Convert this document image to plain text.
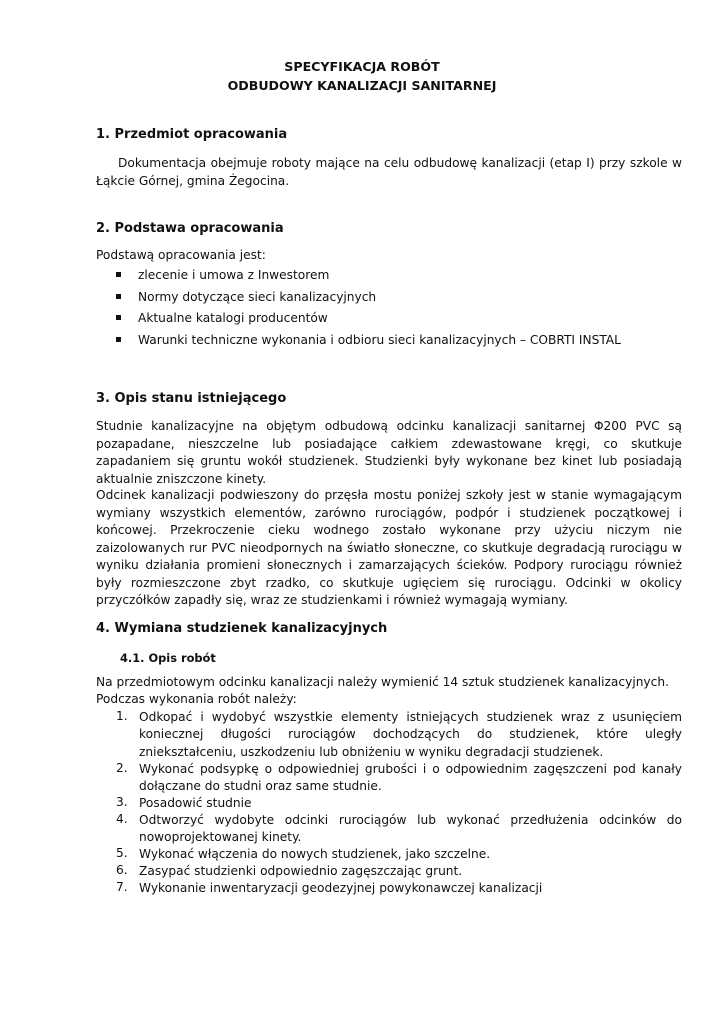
SPECYFIKACJA ROBÓT
ODBUDOWY KANALIZACJI SANITARNEJ
1. Przedmiot opracowania
Dokumentacja obejmuje roboty mające na celu odbudowę kanalizacji (etap I) przy szkole w Łąkcie Górnej, gmina Żegocina.
2. Podstawa opracowania
Podstawą opracowania jest:
zlecenie i umowa z Inwestorem
Normy dotyczące sieci kanalizacyjnych
Aktualne katalogi producentów
Warunki techniczne wykonania i odbioru sieci kanalizacyjnych – COBRTI INSTAL
3. Opis stanu istniejącego
Studnie kanalizacyjne na objętym odbudową odcinku kanalizacji sanitarnej Φ200 PVC są pozapadane, nieszczelne lub posiadające całkiem zdewastowane kręgi, co skutkuje zapadaniem się gruntu wokół studzienek. Studzienki były wykonane bez kinet lub posiadają aktualnie zniszczone kinety.
Odcinek kanalizacji podwieszony do przęsła mostu poniżej szkoły jest w stanie wymagającym wymiany wszystkich elementów, zarówno rurociągów, podpór i studzienek początkowej i końcowej. Przekroczenie cieku wodnego zostało wykonane przy użyciu niczym nie zaizolowanych rur PVC nieodpornych na światło słoneczne, co skutkuje degradacją rurociągu w wyniku działania promieni słonecznych i zamarzających ścieków. Podpory rurociągu również były rozmieszczone zbyt rzadko, co skutkuje ugięciem się rurociągu. Odcinki w okolicy przyczółków zapadły się, wraz ze studzienkami i również wymagają wymiany.
4. Wymiana studzienek kanalizacyjnych
4.1. Opis robót
Na przedmiotowym odcinku kanalizacji należy wymienić 14 sztuk studzienek kanalizacyjnych.
Podczas wykonania robót należy:
1. Odkopać i wydobyć wszystkie elementy istniejących studzienek wraz z usunięciem koniecznej długości rurociągów dochodzących do studzienek, które uległy zniekształceniu, uszkodzeniu lub obniżeniu w wyniku degradacji studzienek.
2. Wykonać podsypkę o odpowiedniej grubości i o odpowiednim zagęszczeni pod kanały dołączane do studni oraz same studnie.
3. Posadowić studnie
4. Odtworzyć wydobyte odcinki rurociągów lub wykonać przedłużenia odcinków do nowoprojektowanej kinety.
5. Wykonać włączenia do nowych studzienek, jako szczelne.
6. Zasypać studzienki odpowiednio zagęszczając grunt.
7. Wykonanie inwentaryzacji geodezyjnej powykonawczej kanalizacji
